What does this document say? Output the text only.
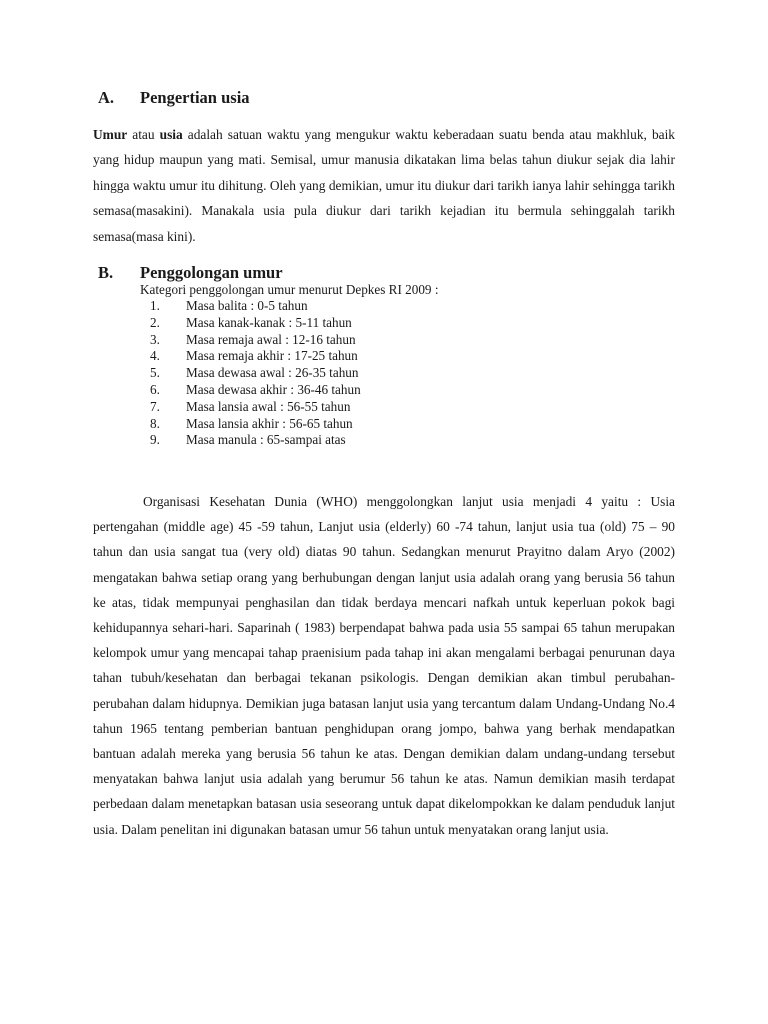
A. Pengertian usia

Umur atau usia adalah satuan waktu yang mengukur waktu keberadaan suatu benda atau makhluk, baik yang hidup maupun yang mati. Semisal, umur manusia dikatakan lima belas tahun diukur sejak dia lahir hingga waktu umur itu dihitung. Oleh yang demikian, umur itu diukur dari tarikh ianya lahir sehingga tarikh semasa(masakini). Manakala usia pula diukur dari tarikh kejadian itu bermula sehinggalah tarikh semasa(masa kini).

B. Penggolongan umur
Kategori penggolongan umur menurut Depkes RI 2009 :
1. Masa balita : 0-5 tahun
2. Masa kanak-kanak : 5-11 tahun
3. Masa remaja awal : 12-16 tahun
4. Masa remaja akhir : 17-25 tahun
5. Masa dewasa awal : 26-35 tahun
6. Masa dewasa akhir : 36-46 tahun
7. Masa lansia awal : 56-55 tahun
8. Masa lansia akhir : 56-65 tahun
9. Masa manula : 65-sampai atas

Organisasi Kesehatan Dunia (WHO) menggolongkan lanjut usia menjadi 4 yaitu : Usia pertengahan (middle age) 45 -59 tahun, Lanjut usia (elderly) 60 -74 tahun, lanjut usia tua (old) 75 – 90 tahun dan usia sangat tua (very old) diatas 90 tahun. Sedangkan menurut Prayitno dalam Aryo (2002) mengatakan bahwa setiap orang yang berhubungan dengan lanjut usia adalah orang yang berusia 56 tahun ke atas, tidak mempunyai penghasilan dan tidak berdaya mencari nafkah untuk keperluan pokok bagi kehidupannya sehari-hari. Saparinah ( 1983) berpendapat bahwa pada usia 55 sampai 65 tahun merupakan kelompok umur yang mencapai tahap praenisium pada tahap ini akan mengalami berbagai penurunan daya tahan tubuh/kesehatan dan berbagai tekanan psikologis. Dengan demikian akan timbul perubahan-perubahan dalam hidupnya. Demikian juga batasan lanjut usia yang tercantum dalam Undang-Undang No.4 tahun 1965 tentang pemberian bantuan penghidupan orang jompo, bahwa yang berhak mendapatkan bantuan adalah mereka yang berusia 56 tahun ke atas. Dengan demikian dalam undang-undang tersebut menyatakan bahwa lanjut usia adalah yang berumur 56 tahun ke atas. Namun demikian masih terdapat perbedaan dalam menetapkan batasan usia seseorang untuk dapat dikelompokkan ke dalam penduduk lanjut usia. Dalam penelitan ini digunakan batasan umur 56 tahun untuk menyatakan orang lanjut usia.
